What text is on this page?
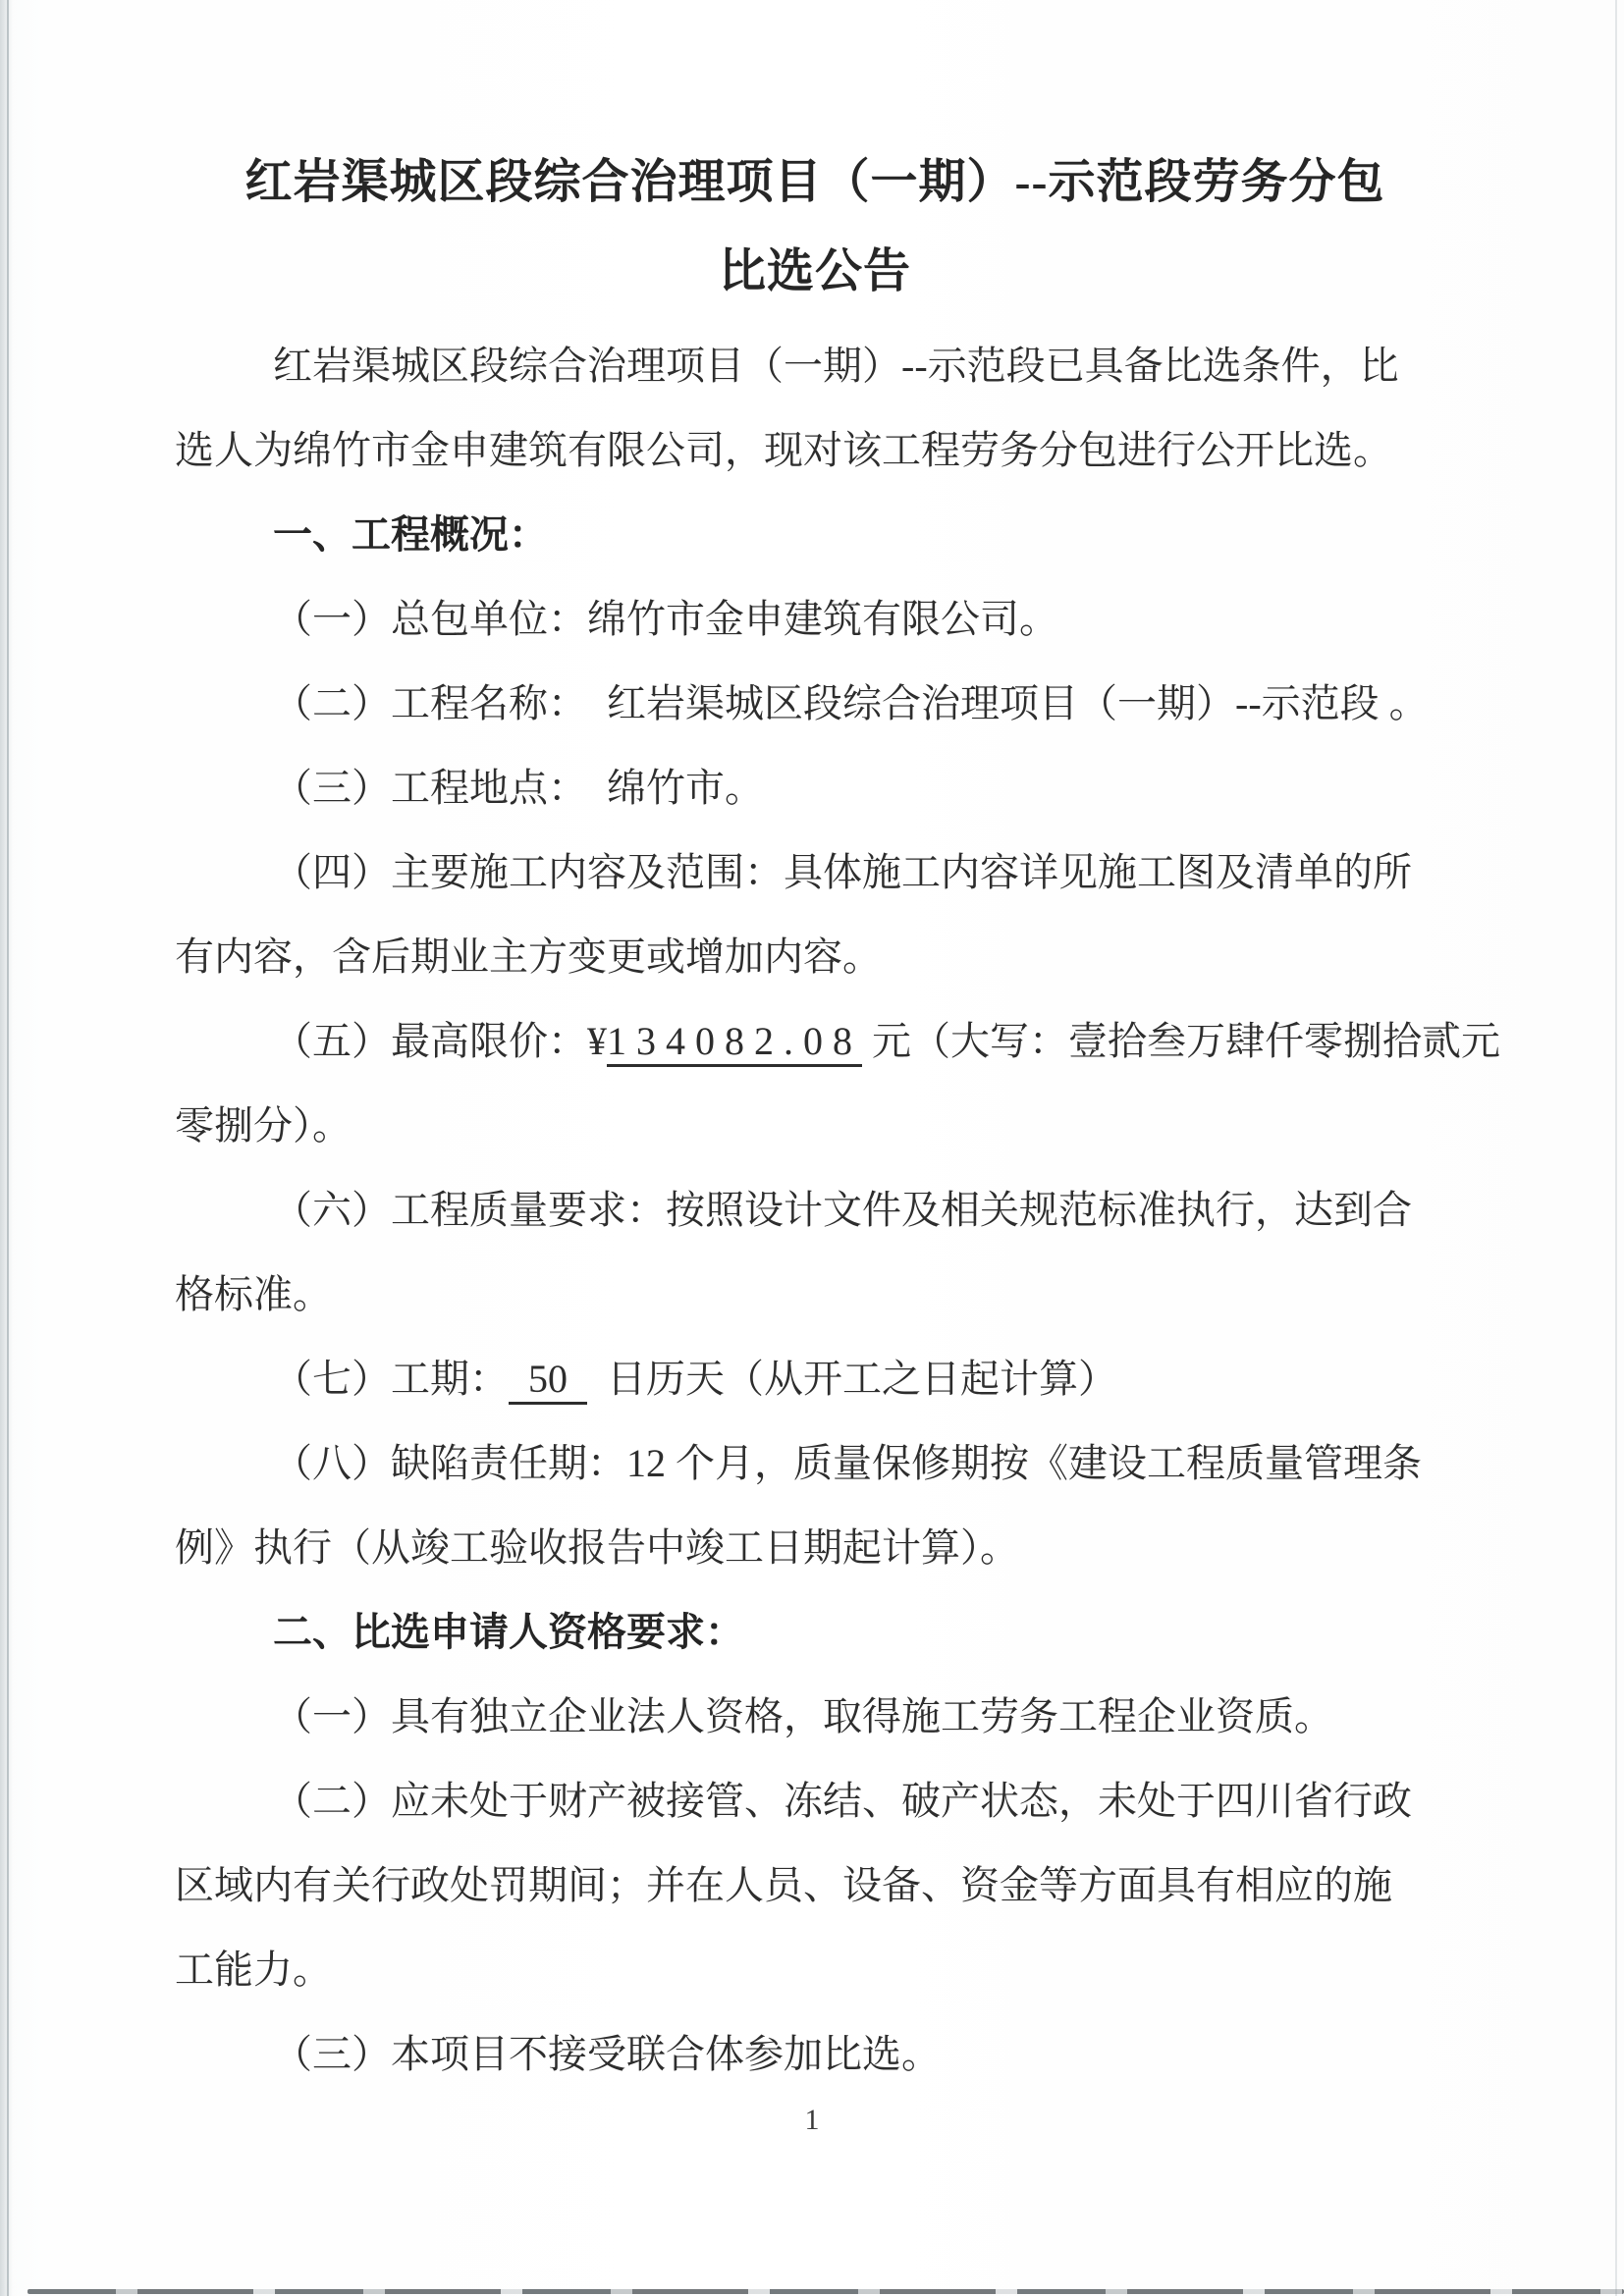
红岩渠城区段综合治理项目（一期）--示范段劳务分包
比选公告
红岩渠城区段综合治理项目（一期）--示范段已具备比选条件，比
选人为绵竹市金申建筑有限公司，现对该工程劳务分包进行公开比选。
一、工程概况：
（一）总包单位：绵竹市金申建筑有限公司。
（二）工程名称：　红岩渠城区段综合治理项目（一期）--示范段 。
（三）工程地点：　绵竹市。
（四）主要施工内容及范围：具体施工内容详见施工图及清单的所
有内容，含后期业主方变更或增加内容。
（五）最高限价：¥134082.08 元（大写：壹拾叁万肆仟零捌拾贰元
零捌分）。
（六）工程质量要求：按照设计文件及相关规范标准执行，达到合
格标准。
（七）工期：  50    日历天（从开工之日起计算）
（八）缺陷责任期：12 个月，质量保修期按《建设工程质量管理条
例》执行（从竣工验收报告中竣工日期起计算）。
二、比选申请人资格要求：
（一）具有独立企业法人资格，取得施工劳务工程企业资质。
（二）应未处于财产被接管、冻结、破产状态，未处于四川省行政
区域内有关行政处罚期间；并在人员、设备、资金等方面具有相应的施
工能力。
（三）本项目不接受联合体参加比选。
1
